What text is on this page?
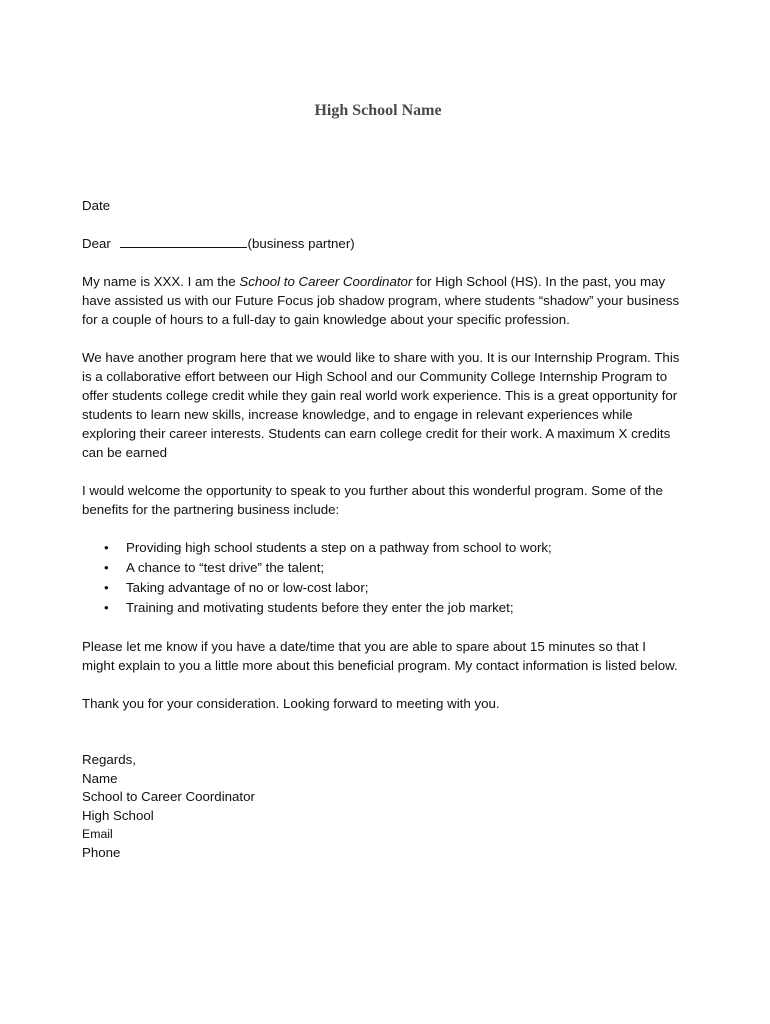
High School Name
Date
Dear	(business partner)
My name is XXX. I am the School to Career Coordinator for High School (HS). In the past, you may have assisted us with our Future Focus job shadow program, where students “shadow” your business for a couple of hours to a full-day to gain knowledge about your specific profession.
We have another program here that we would like to share with you. It is our Internship Program. This is a collaborative effort between our High School and our Community College Internship Program to offer students college credit while they gain real world work experience. This is a great opportunity for students to learn new skills, increase knowledge, and to engage in relevant experiences while exploring their career interests. Students can earn college credit for their work. A maximum X credits can be earned
I would welcome the opportunity to speak to you further about this wonderful program. Some of the benefits for the partnering business include:
• Providing high school students a step on a pathway from school to work;
• A chance to “test drive” the talent;
• Taking advantage of no or low-cost labor;
• Training and motivating students before they enter the job market;
Please let me know if you have a date/time that you are able to spare about 15 minutes so that I might explain to you a little more about this beneficial program. My contact information is listed below.
Thank you for your consideration. Looking forward to meeting with you.
Regards,
Name
School to Career Coordinator
High School
Email
Phone
